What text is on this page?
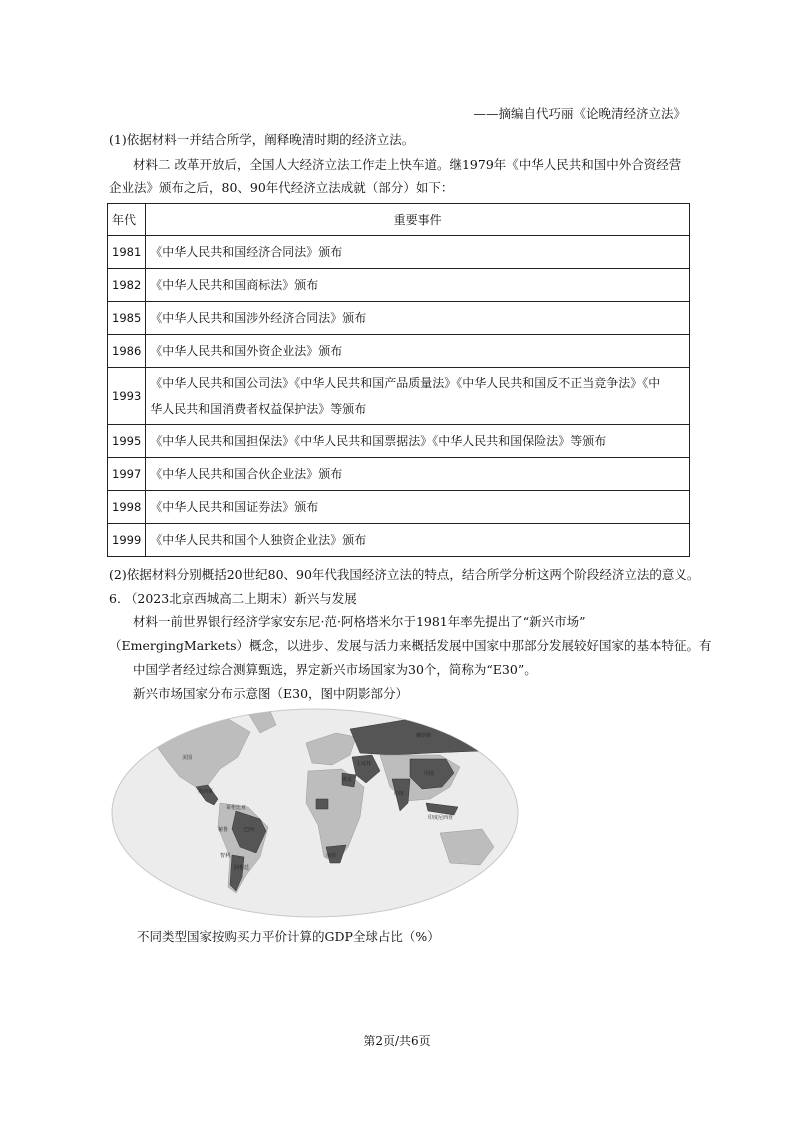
——摘编自代巧丽《论晚清经济立法》
(1)依据材料一并结合所学，阐释晚清时期的经济立法。
材料二 改革开放后，全国人大经济立法工作走上快车道。继1979年《中华人民共和国中外合资经营
企业法》颁布之后，80、90年代经济立法成就（部分）如下：
年代	重要事件
1981	《中华人民共和国经济合同法》颁布
1982	《中华人民共和国商标法》颁布
1985	《中华人民共和国涉外经济合同法》颁布
1986	《中华人民共和国外资企业法》颁布
1993	《中华人民共和国公司法》《中华人民共和国产品质量法》《中华人民共和国反不正当竞争法》《中
华人民共和国消费者权益保护法》等颁布

1995	《中华人民共和国担保法》《中华人民共和国票据法》《中华人民共和国保险法》等颁布
1997	《中华人民共和国合伙企业法》颁布
1998	《中华人民共和国证券法》颁布
1999	《中华人民共和国个人独资企业法》颁布
(2)依据材料分别概括20世纪80、90年代我国经济立法的特点，结合所学分析这两个阶段经济立法的意义。
6. （2023北京西城高二上期末）新兴与发展
材料一前世界银行经济学家安东尼·范·阿格塔米尔于1981年率先提出了“新兴市场”
（EmergingMarkets）概念，以进步、发展与活力来概括发展中国家中那部分发展较好国家的基本特征。有
中国学者经过综合测算甄选，界定新兴市场国家为30个，简称为“E30”。
新兴市场国家分布示意图（E30，图中阴影部分）
美国
墨西哥
哥伦比亚
秘鲁	巴西
智利
阿根廷
俄罗斯
中国
印度
印度尼西亚
南非
埃及
土耳其
不同类型国家按购买力平价计算的GDP全球占比（%）
第2页/共6页
